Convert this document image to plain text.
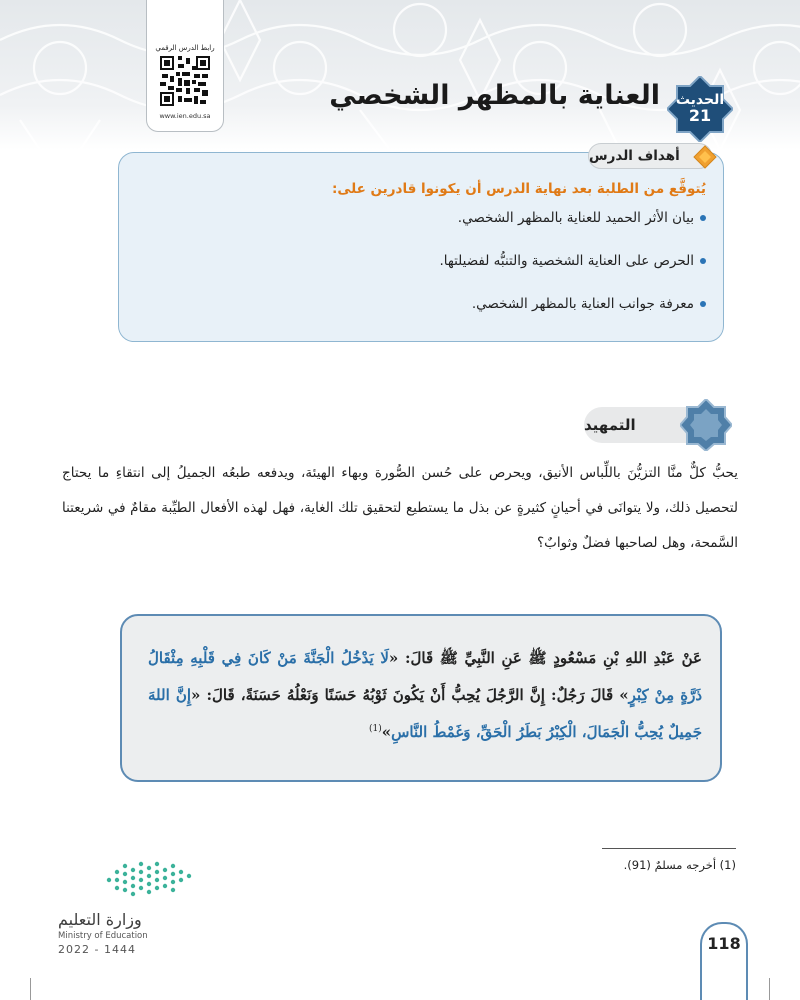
رابط الدرس الرقمي
www.ien.edu.sa
الحديث
21
العناية بالمظهر الشخصي
أهداف الدرس

يُتوقَّع من الطلبة بعد نهاية الدرس أن يكونوا قادرين على:

بيان الأثر الحميد للعناية بالمظهر الشخصي.

الحرص على العناية الشخصية والتنبُّه لفضيلتها.

معرفة جوانب العناية بالمظهر الشخصي.

التمهيد

يحبُّ كلٌّ منَّا التزيُّنَ باللِّباس الأنيق، ويحرص على حُسن الصُّورة وبهاء الهيئة، ويدفعه طبعُه الجميلُ إلى انتقاءِ ما يحتاج لتحصيل ذلك، ولا يتوانَى في أحيانٍ كثيرةٍ عن بذل ما يستطيع لتحقيق تلك الغاية، فهل لهذه الأفعال الطيِّبة مقامٌ في شريعتنا السَّمحة، وهل لصاحبها فضلٌ وثوابٌ؟

عَنْ عَبْدِ اللهِ بْنِ مَسْعُودٍ ﷺ عَنِ النَّبِيِّ ﷺ قَالَ: «لَا يَدْخُلُ الْجَنَّةَ مَنْ كَانَ فِي قَلْبِهِ مِثْقَالُ ذَرَّةٍ مِنْ كِبْرٍ» قَالَ رَجُلٌ: إِنَّ الرَّجُلَ يُحِبُّ أَنْ يَكُونَ ثَوْبُهُ حَسَنًا وَنَعْلُهُ حَسَنَةً، قَالَ: «إِنَّ اللهَ جَمِيلٌ يُحِبُّ الْجَمَالَ، الْكِبْرُ بَطَرُ الْحَقِّ، وَغَمْطُ النَّاسِ»$^{(1)}$

(1) أخرجه مسلمٌ (91).

وزارة التعليم
Ministry of Education
2022 - 1444	118
